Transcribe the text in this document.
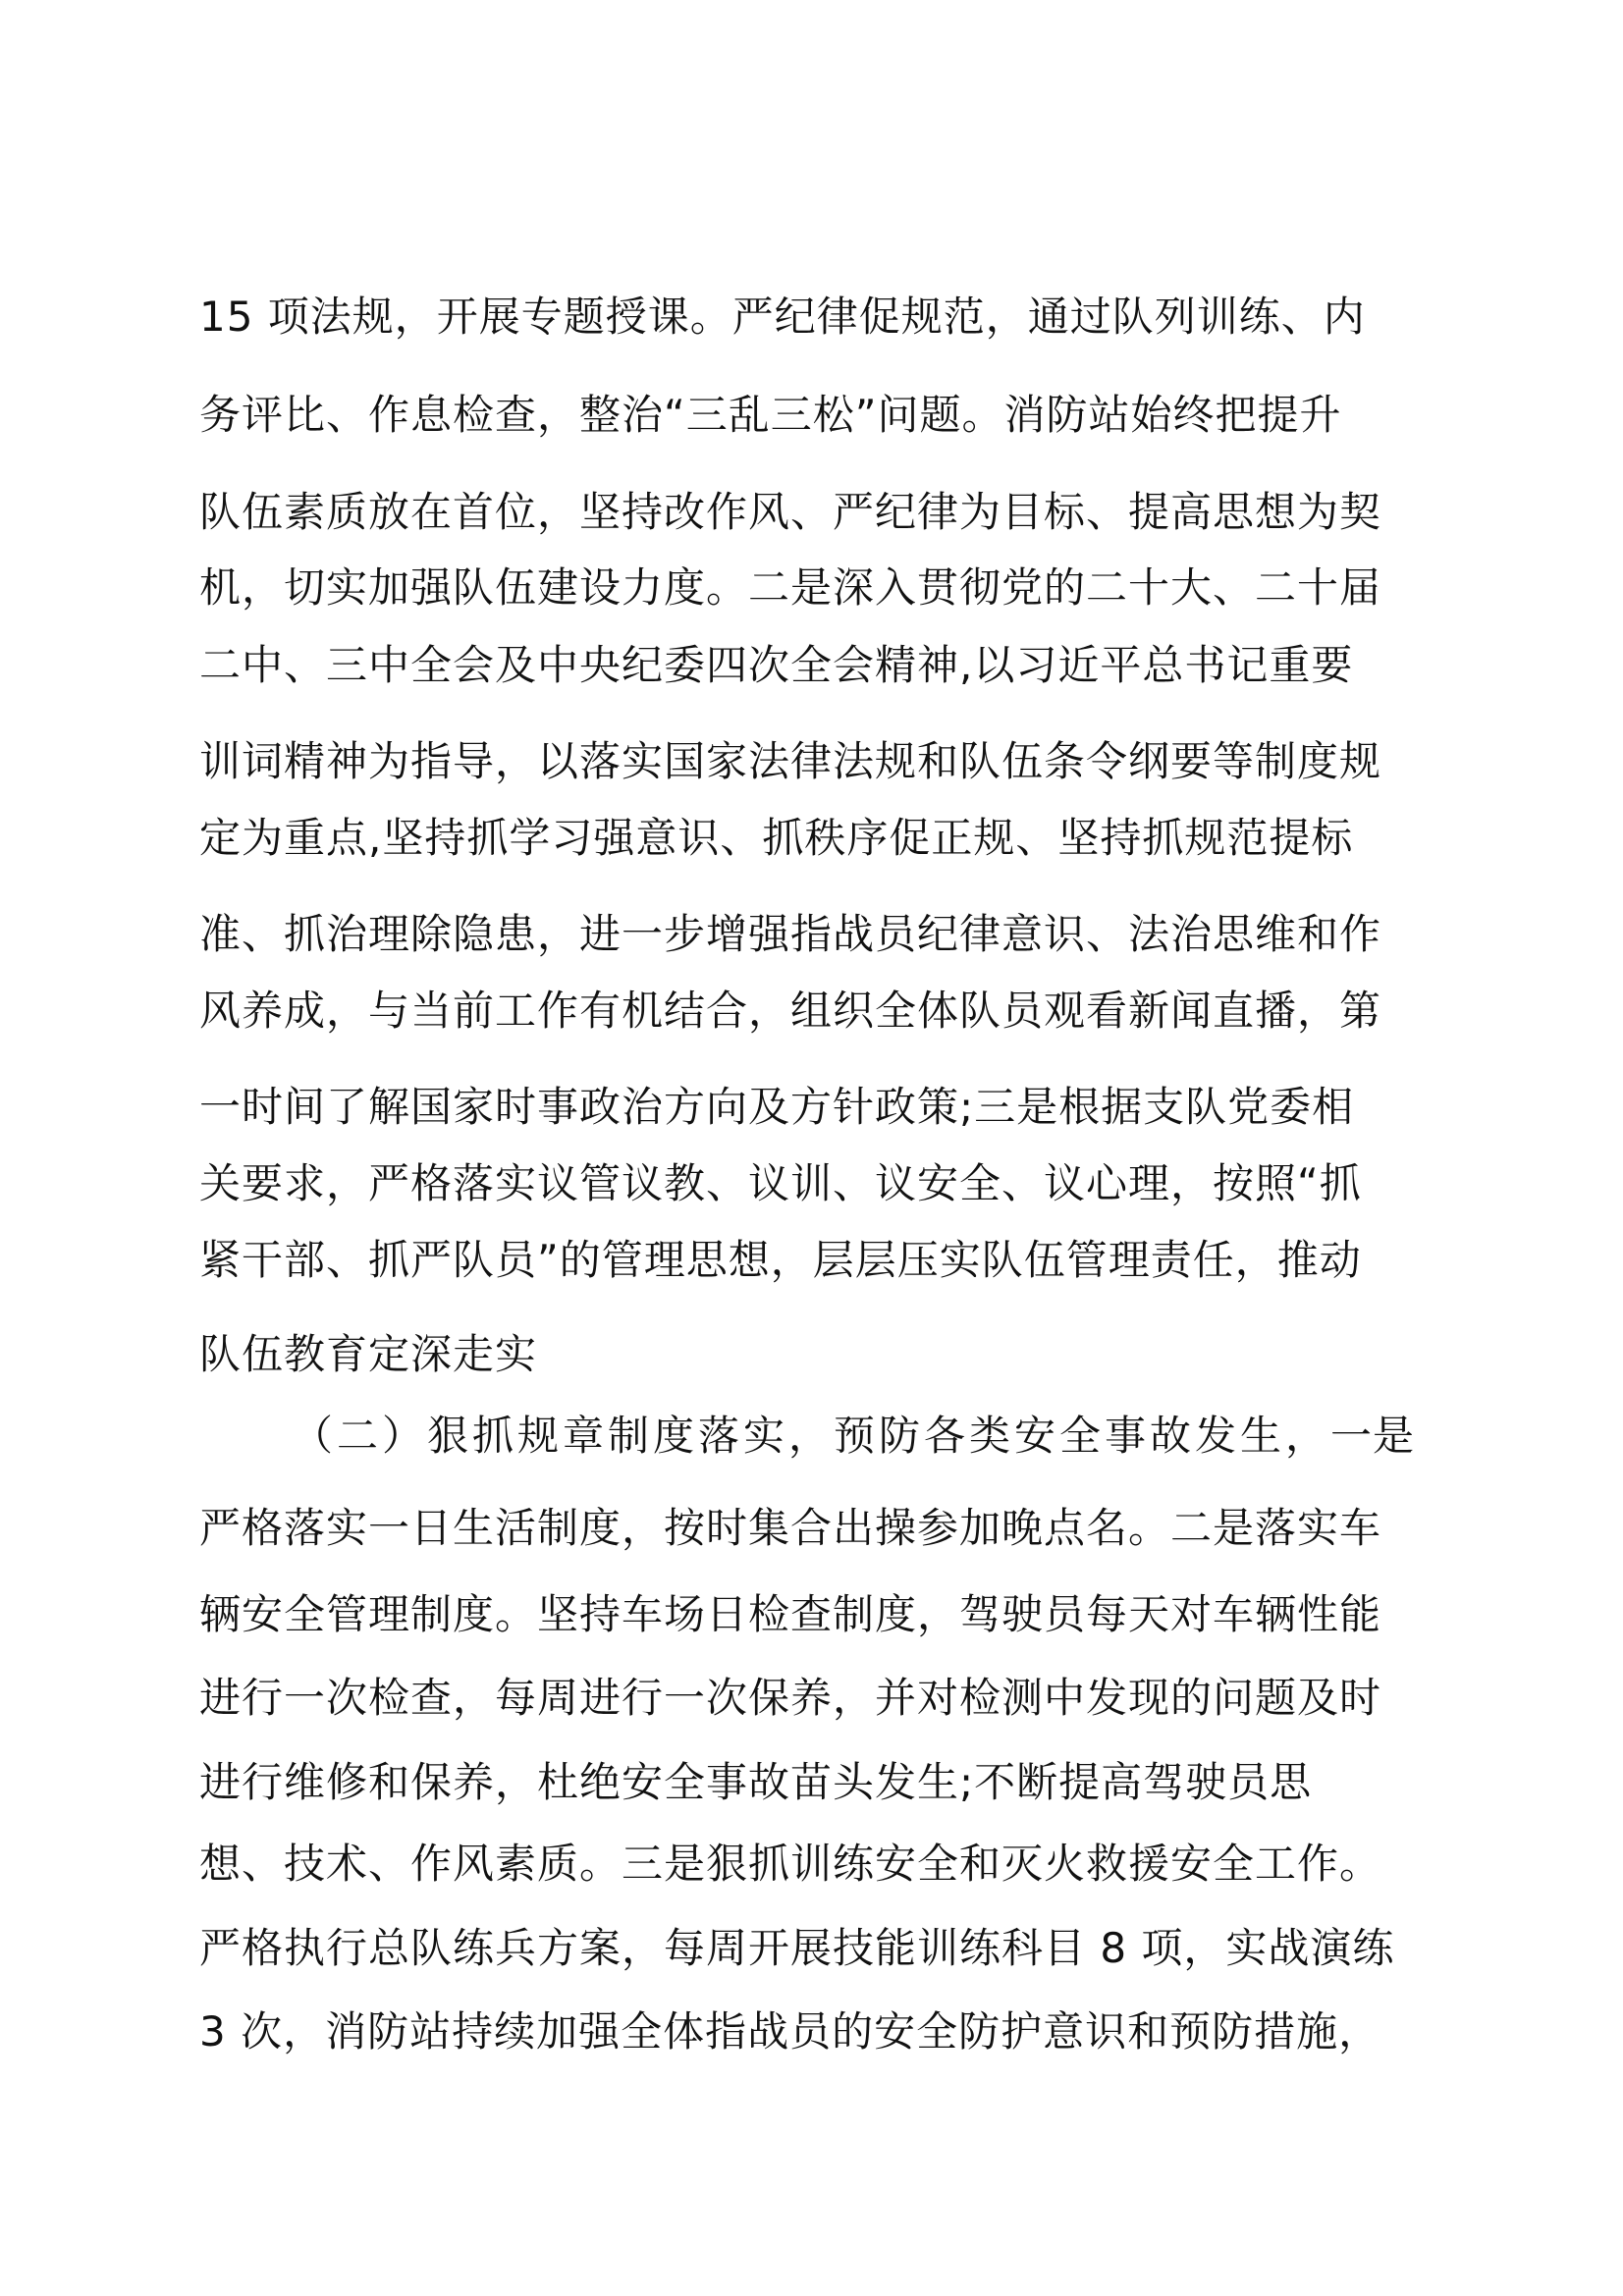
15 项法规，开展专题授课。严纪律促规范，通过队列训练、内

务评比、作息检查，整治“三乱三松”问题。消防站始终把提升

队伍素质放在首位，坚持改作风、严纪律为目标、提高思想为契

机，切实加强队伍建设力度。二是深入贯彻党的二十大、二十届

二中、三中全会及中央纪委四次全会精神,以习近平总书记重要

训词精神为指导，以落实国家法律法规和队伍条令纲要等制度规

定为重点,坚持抓学习强意识、抓秩序促正规、坚持抓规范提标

准、抓治理除隐患，进一步增强指战员纪律意识、法治思维和作

风养成，与当前工作有机结合，组织全体队员观看新闻直播，第

一时间了解国家时事政治方向及方针政策;三是根据支队党委相

关要求，严格落实议管议教、议训、议安全、议心理，按照“抓

紧干部、抓严队员”的管理思想，层层压实队伍管理责任，推动

队伍教育定深走实

（二）狠抓规章制度落实，预防各类安全事故发生，一是

严格落实一日生活制度，按时集合出操参加晚点名。二是落实车

辆安全管理制度。坚持车场日检查制度，驾驶员每天对车辆性能

进行一次检查，每周进行一次保养，并对检测中发现的问题及时

进行维修和保养，杜绝安全事故苗头发生;不断提高驾驶员思

想、技术、作风素质。三是狠抓训练安全和灭火救援安全工作。

严格执行总队练兵方案，每周开展技能训练科目 8 项，实战演练

3 次，消防站持续加强全体指战员的安全防护意识和预防措施，
